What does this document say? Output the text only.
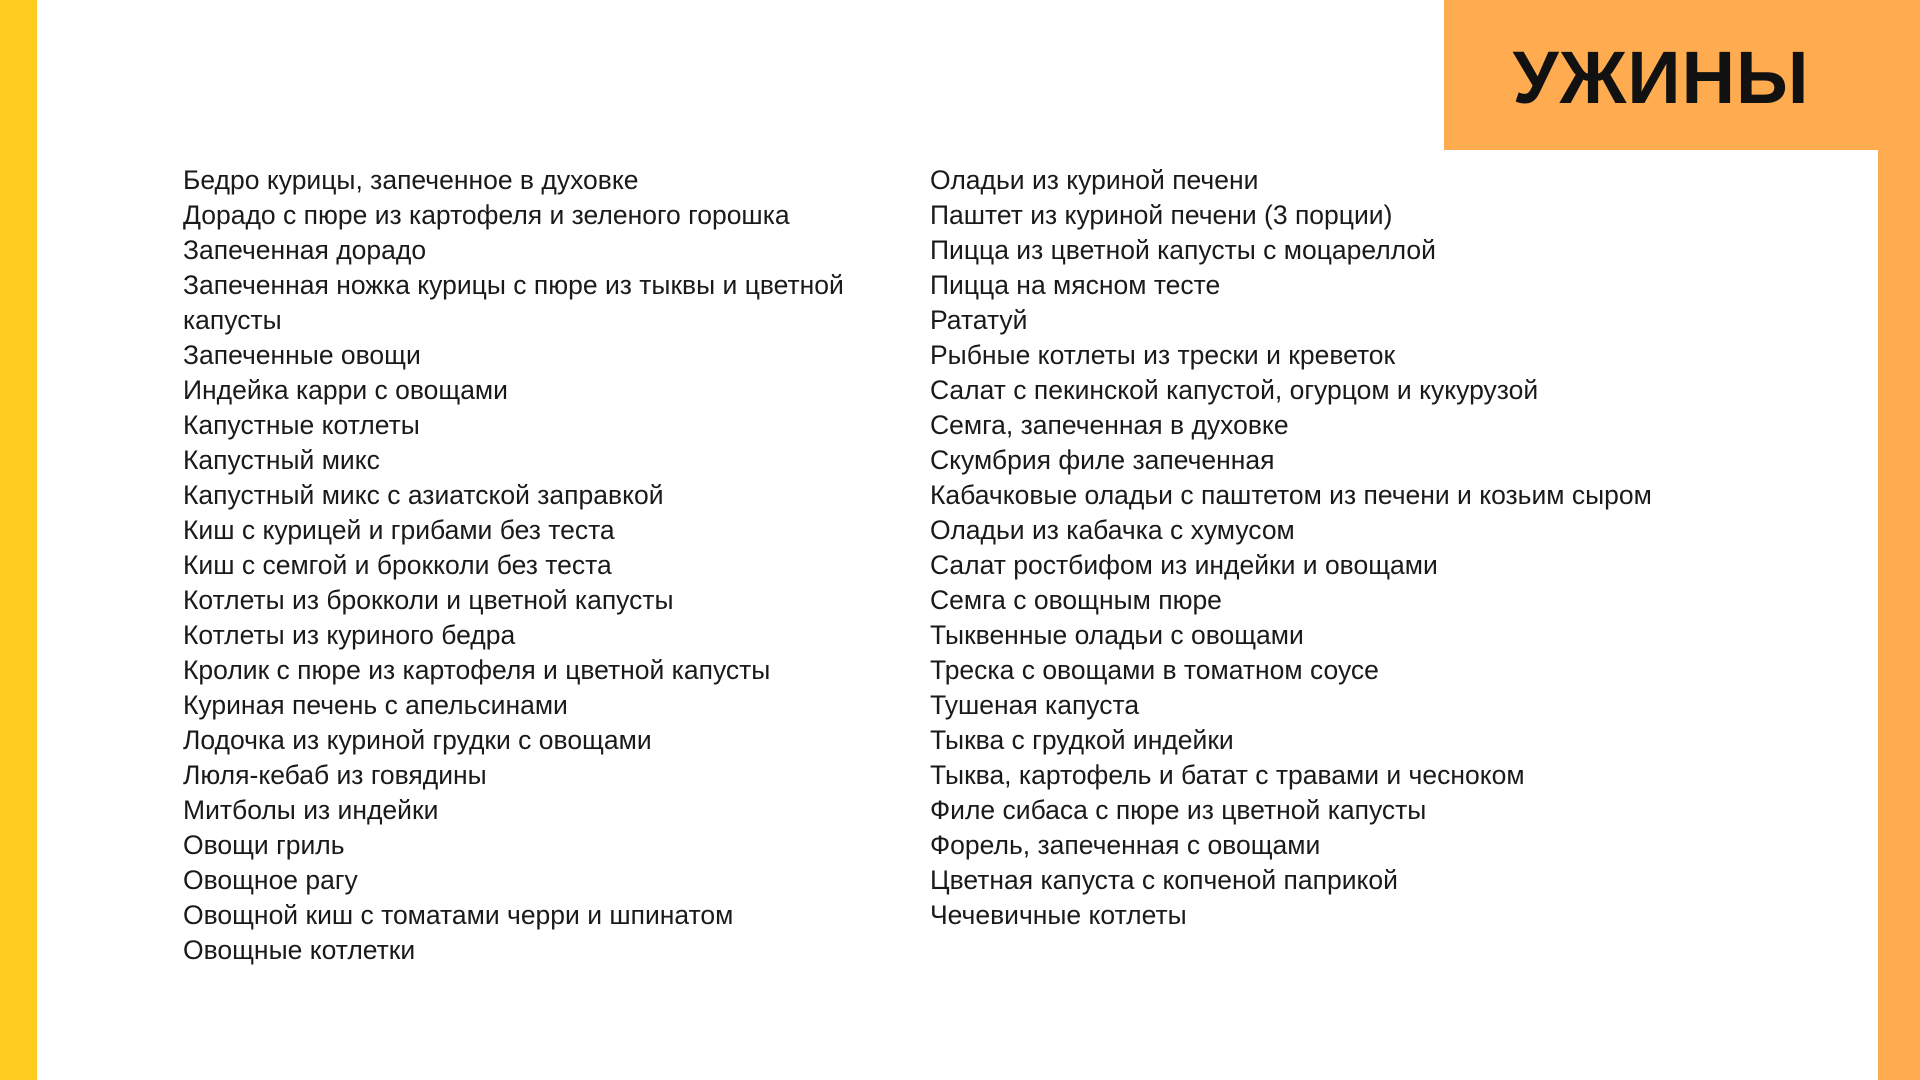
УЖИНЫ
Бедро курицы, запеченное в духовке
Дорадо с пюре из картофеля и зеленого горошка
Запеченная дорадо
Запеченная ножка курицы с пюре из тыквы и цветной капусты
Запеченные овощи
Индейка карри с овощами
Капустные котлеты
Капустный микс
Капустный микс с азиатской заправкой
Киш с курицей и грибами без теста
Киш с семгой и брокколи без теста
Котлеты из брокколи и цветной капусты
Котлеты из куриного бедра
Кролик с пюре из картофеля и цветной капусты
Куриная печень с апельсинами
Лодочка из куриной грудки с овощами
Люля-кебаб из говядины
Митболы из индейки
Овощи гриль
Овощное рагу
Овощной киш с томатами черри и шпинатом
Овощные котлетки
Оладьи из куриной печени
Паштет из куриной печени (3 порции)
Пицца из цветной капусты с моцареллой
Пицца на мясном тесте
Рататуй
Рыбные котлеты из трески и креветок
Салат с пекинской капустой, огурцом и кукурузой
Семга, запеченная в духовке
Скумбрия филе запеченная
Кабачковые оладьи с паштетом из печени и козьим сыром
Оладьи из кабачка с хумусом
Салат ростбифом из индейки и овощами
Семга с овощным пюре
Тыквенные оладьи с овощами
Треска с овощами в томатном соусе
Тушеная капуста
Тыква с грудкой индейки
Тыква, картофель и батат с травами и чесноком
Филе сибаса с пюре из цветной капусты
Форель, запеченная с овощами
Цветная капуста с копченой паприкой
Чечевичные котлеты
